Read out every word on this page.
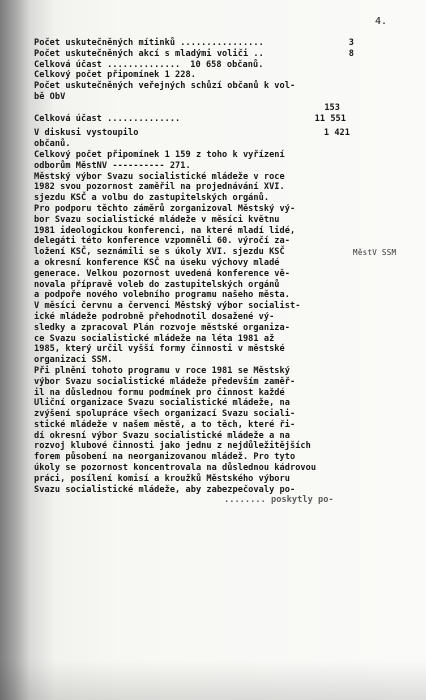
4.
MěstV SSM
Počet uskutečněných mítinků ................	3
Počet uskutečněných akcí s mladými voliči ..	8
Celková účast ..............	10 658 občanů.
Celkový počet připomínek 1 228.
Počet uskutečněných veřejných schůzí občanů k vol-
bě ObV
153
Celková účast ..............	11 551
V diskusi vystoupilo	1 421
občanů.
Celkový počet připomínek 1 159 z toho k vyřízení
odborům MěstNV ---------- 271.
Městský výbor Svazu socialistické mládeže v roce
1982 svou pozornost zaměřil na projednávání XVI.
sjezdu KSČ a volbu do zastupitelských orgánů.
Pro podporu těchto záměrů zorganizoval Městský vý-
bor Svazu socialistické mládeže v měsíci květnu
1981 ideologickou konferenci, na které mladí lidé,
delegáti této konference vzpomněli 60. výročí za-
ložení KSČ, seznámili se s úkoly XVI. sjezdu KSČ
a okresní konference KSČ na úseku výchovy mladé
generace. Velkou pozornost uvedená konference vě-
novala přípravě voleb do zastupitelských orgánů
a podpoře nového volebního programu našeho města.
V měsíci červnu a červenci Městský výbor socialist-
ické mládeže podrobně přehodnotil dosažené vý-
sledky a zpracoval Plán rozvoje městské organiza-
ce Svazu socialistické mládeže na léta 1981 až
1985, který určil vyšší formy činnosti v městské
organizaci SSM.
Při plnění tohoto programu v roce 1981 se Městský
výbor Svazu socialistické mládeže především zaměř-
il na důslednou formu podmínek pro činnost každé
Uliční organizace Svazu socialistické mládeže, na
zvýšení spolupráce všech organizací Svazu sociali-
stické mládeže v našem městě, a to těch, které ři-
dí okresní výbor Svazu socialistické mládeže a na
rozvoj klubové činnosti jako jednu z nejdůležitějších
forem působení na neorganizovanou mládež. Pro tyto
úkoly se pozornost koncentrovala na důslednou kádrovou
práci, posílení komisí a kroužků Městského výboru
Svazu socialistické mládeže, aby zabezpečovaly po-
........ poskytly po-
